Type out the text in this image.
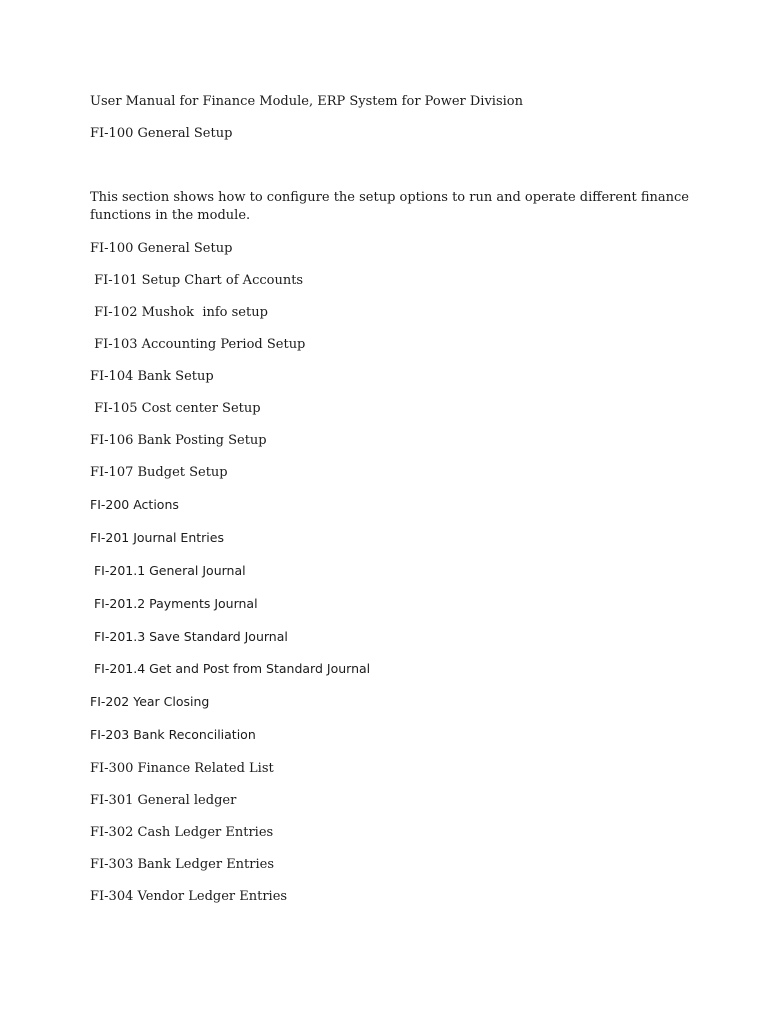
User Manual for Finance Module, ERP System for Power Division
FI-100 General Setup
This section shows how to configure the setup options to run and operate different finance
functions in the module.
FI-100 General Setup
FI-101 Setup Chart of Accounts
FI-102 Mushok  info setup
FI-103 Accounting Period Setup
FI-104 Bank Setup
FI-105 Cost center Setup
FI-106 Bank Posting Setup
FI-107 Budget Setup
FI-200 Actions
FI-201 Journal Entries
FI-201.1 General Journal
FI-201.2 Payments Journal
FI-201.3 Save Standard Journal
FI-201.4 Get and Post from Standard Journal
FI-202 Year Closing
FI-203 Bank Reconciliation
FI-300 Finance Related List
FI-301 General ledger
FI-302 Cash Ledger Entries
FI-303 Bank Ledger Entries
FI-304 Vendor Ledger Entries
